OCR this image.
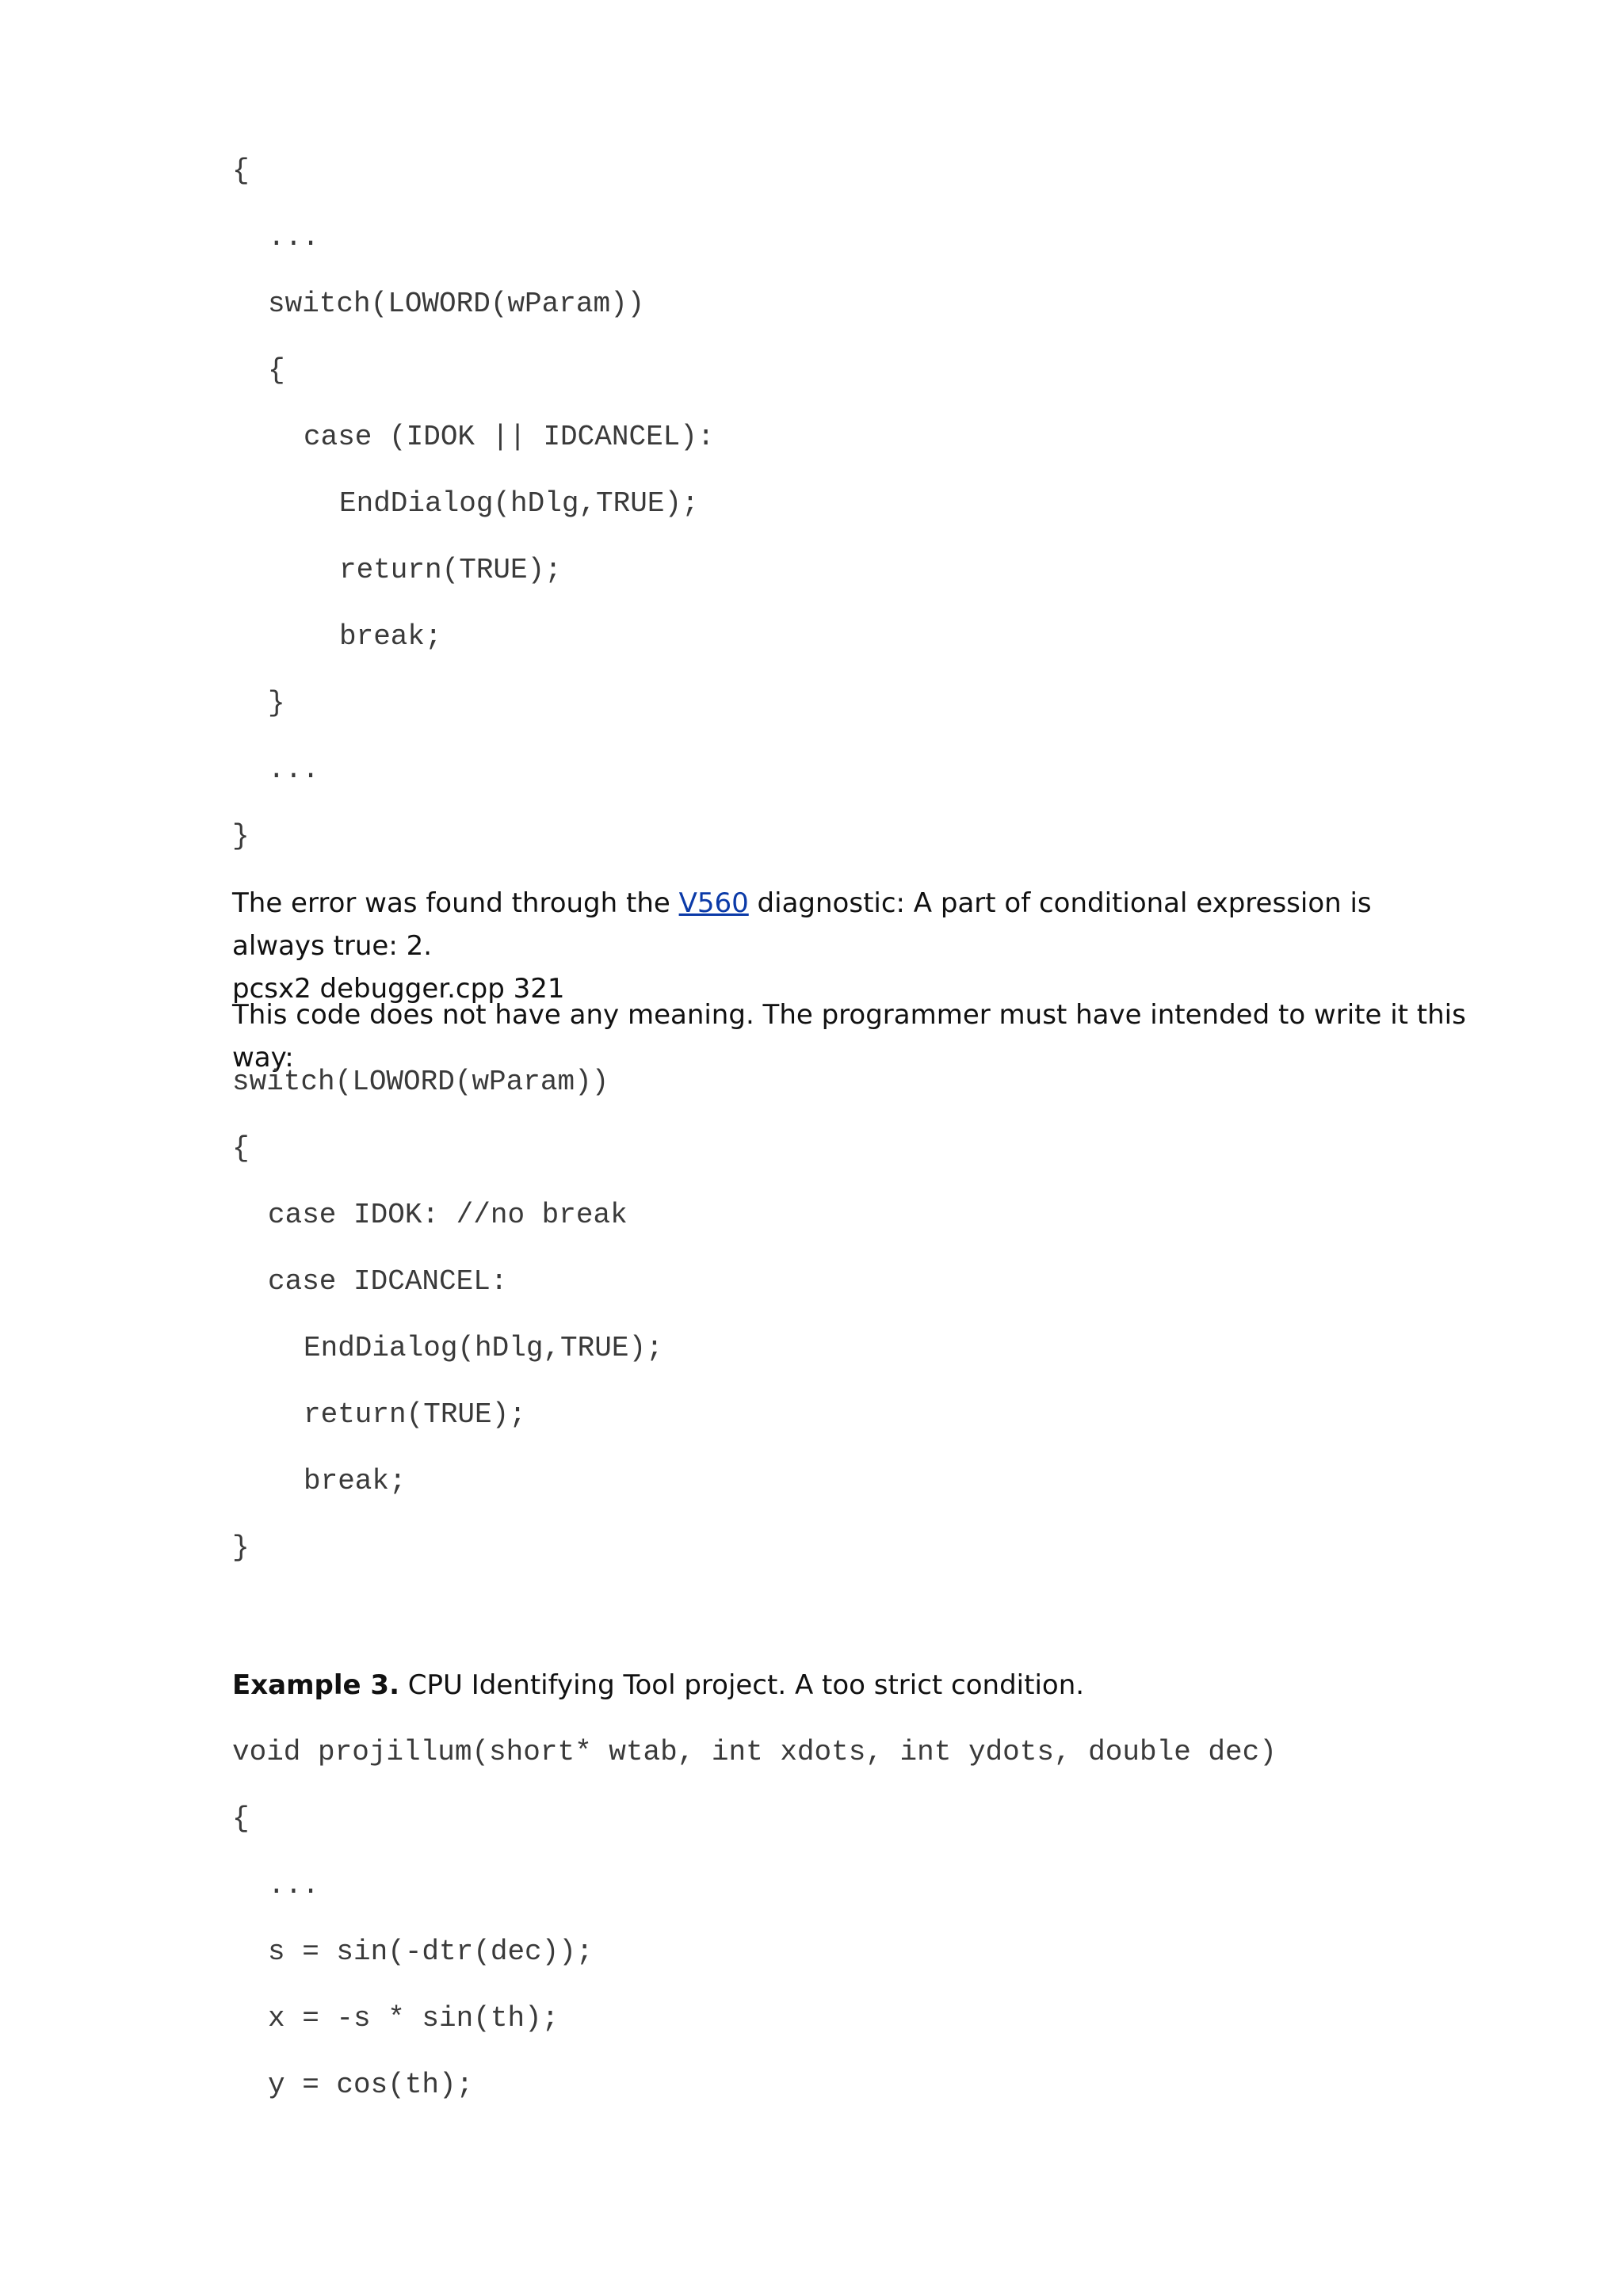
{
...
switch(LOWORD(wParam))
{
case (IDOK || IDCANCEL):
EndDialog(hDlg,TRUE);
return(TRUE);
break;
}
...
}
The error was found through the V560 diagnostic: A part of conditional expression is always true: 2.
pcsx2 debugger.cpp 321
This code does not have any meaning. The programmer must have intended to write it this way:
switch(LOWORD(wParam))
{
case IDOK: //no break
case IDCANCEL:
EndDialog(hDlg,TRUE);
return(TRUE);
break;
}
Example 3. CPU Identifying Tool project. A too strict condition.
void projillum(short* wtab, int xdots, int ydots, double dec)
{
...
s = sin(-dtr(dec));
x = -s * sin(th);
y = cos(th);
